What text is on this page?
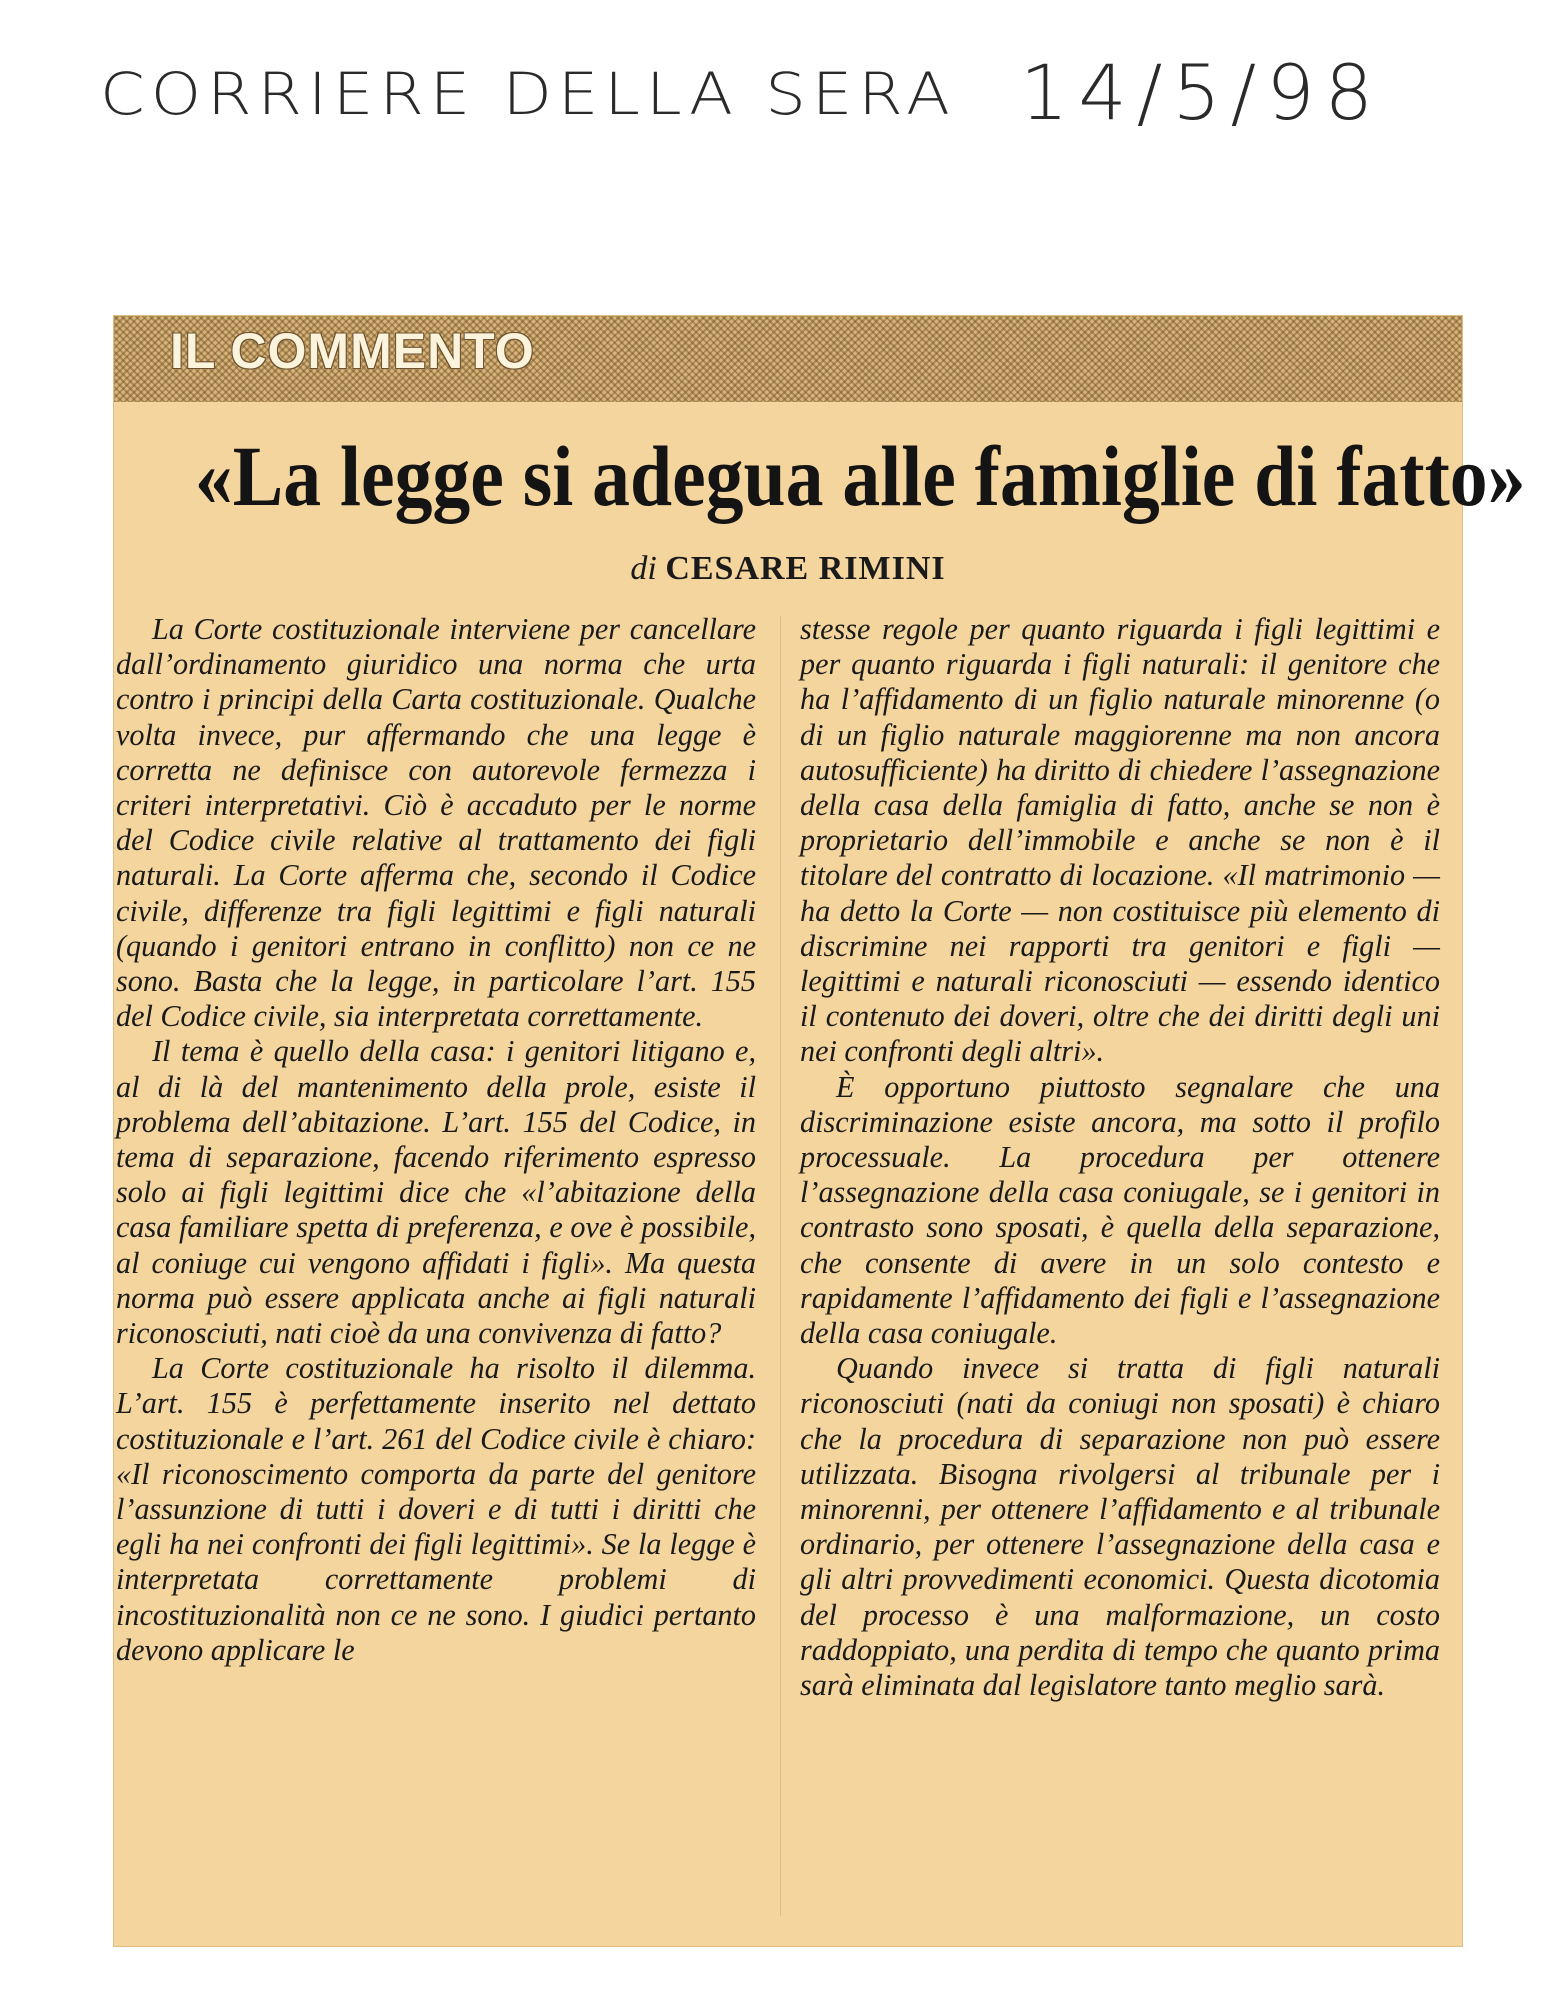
CORRIERE DELLA SERA 14/5/98
IL COMMENTO
«La legge si adegua alle famiglie di fatto»
di CESARE RIMINI

La Corte costituzionale interviene per cancellare dall’ordinamento giuridico una norma che urta contro i principi della Carta costituzionale. Qualche volta invece, pur affermando che una legge è corretta ne definisce con autorevole fermezza i criteri interpretativi. Ciò è accaduto per le norme del Codice civile relative al trattamento dei figli naturali. La Corte afferma che, secondo il Codice civile, differenze tra figli legittimi e figli naturali (quando i genitori entrano in conflitto) non ce ne sono. Basta che la legge, in particolare l’art. 155 del Codice civile, sia interpretata correttamente.

Il tema è quello della casa: i genitori litigano e, al di là del mantenimento della prole, esiste il problema dell’abitazione. L’art. 155 del Codice, in tema di separazione, facendo riferimento espresso solo ai figli legittimi dice che «l’abitazione della casa familiare spetta di preferenza, e ove è possibile, al coniuge cui vengono affidati i figli». Ma questa norma può essere applicata anche ai figli naturali riconosciuti, nati cioè da una convivenza di fatto?

La Corte costituzionale ha risolto il dilemma. L’art. 155 è perfettamente inserito nel dettato costituzionale e l’art. 261 del Codice civile è chiaro: «Il riconoscimento comporta da parte del genitore l’assunzione di tutti i doveri e di tutti i diritti che egli ha nei confronti dei figli legittimi». Se la legge è interpretata correttamente problemi di incostituzionalità non ce ne sono. I giudici pertanto devono applicare le

stesse regole per quanto riguarda i figli legittimi e per quanto riguarda i figli naturali: il genitore che ha l’affidamento di un figlio naturale minorenne (o di un figlio naturale maggiorenne ma non ancora autosufficiente) ha diritto di chiedere l’assegnazione della casa della famiglia di fatto, anche se non è proprietario dell’immobile e anche se non è il titolare del contratto di locazione. «Il matrimonio — ha detto la Corte — non costituisce più elemento di discrimine nei rapporti tra genitori e figli — legittimi e naturali riconosciuti — essendo identico il contenuto dei doveri, oltre che dei diritti degli uni nei confronti degli altri».

È opportuno piuttosto segnalare che una discriminazione esiste ancora, ma sotto il profilo processuale. La procedura per ottenere l’assegnazione della casa coniugale, se i genitori in contrasto sono sposati, è quella della separazione, che consente di avere in un solo contesto e rapidamente l’affidamento dei figli e l’assegnazione della casa coniugale.

Quando invece si tratta di figli naturali riconosciuti (nati da coniugi non sposati) è chiaro che la procedura di separazione non può essere utilizzata. Bisogna rivolgersi al tribunale per i minorenni, per ottenere l’affidamento e al tribunale ordinario, per ottenere l’assegnazione della casa e gli altri provvedimenti economici. Questa dicotomia del processo è una malformazione, un costo raddoppiato, una perdita di tempo che quanto prima sarà eliminata dal legislatore tanto meglio sarà.
